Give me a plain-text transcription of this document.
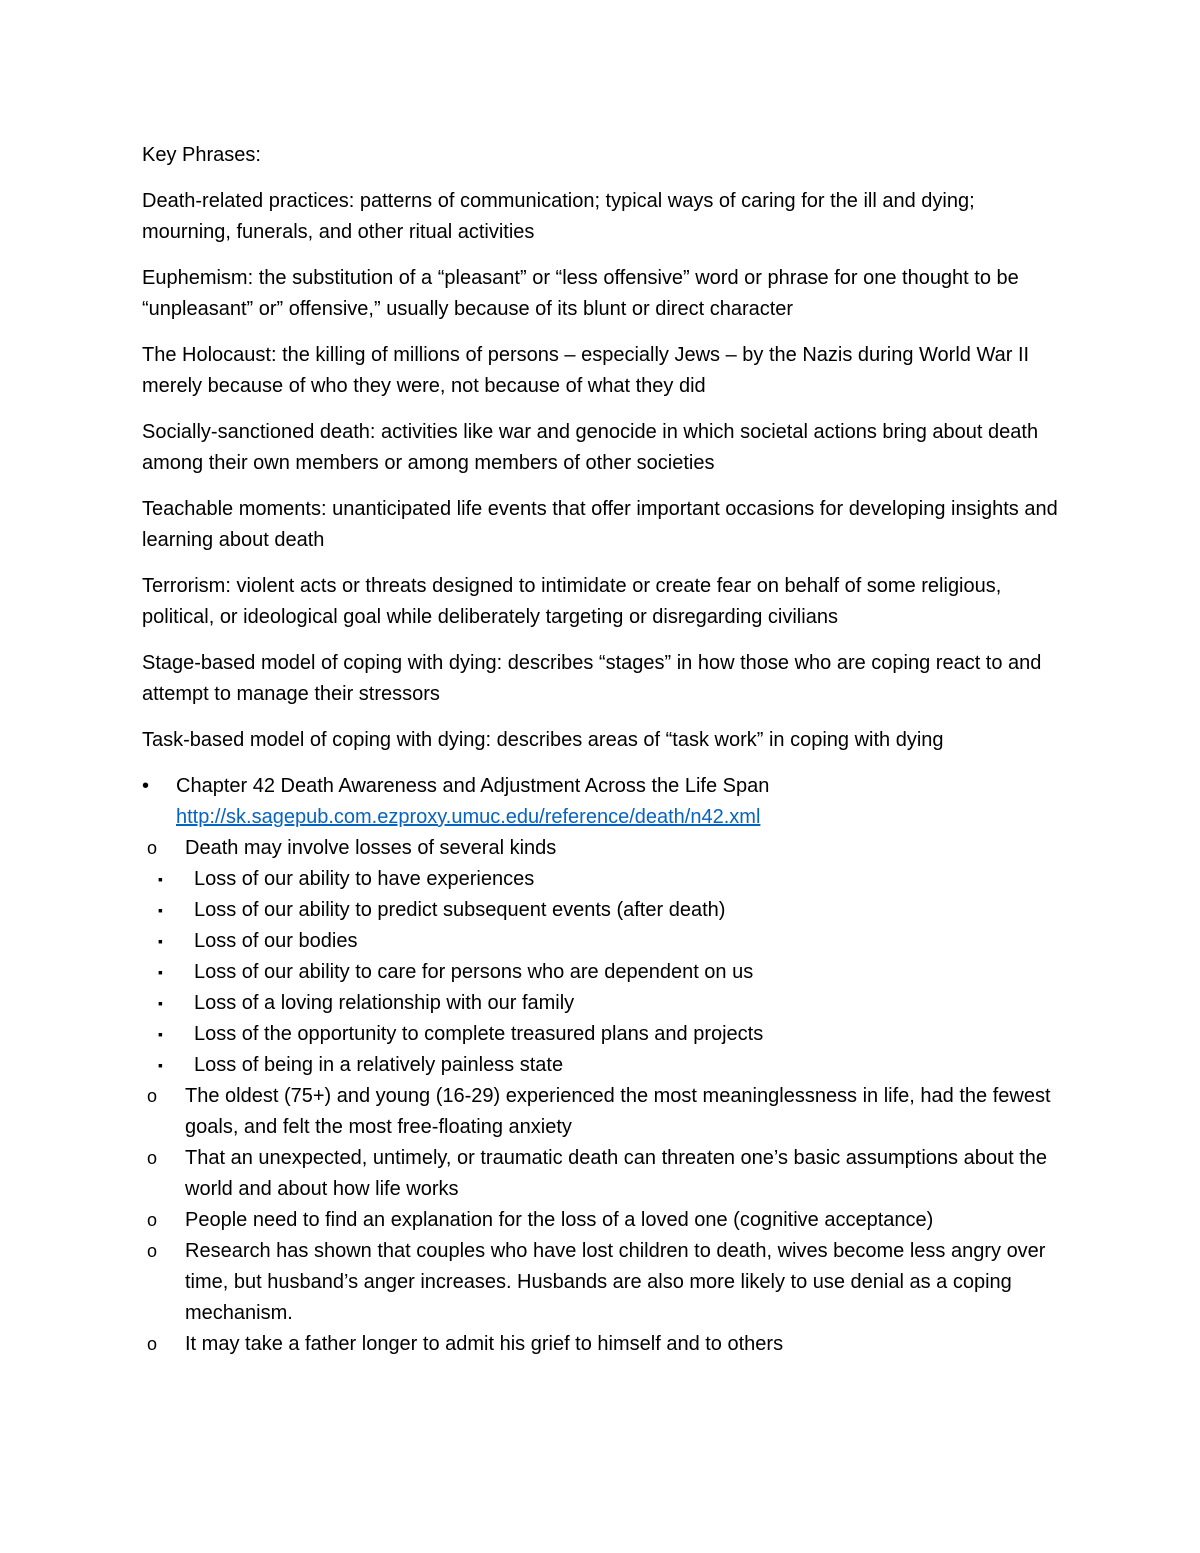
Key Phrases:

Death-related practices: patterns of communication; typical ways of caring for the ill and dying; mourning, funerals, and other ritual activities

Euphemism: the substitution of a “pleasant” or “less offensive” word or phrase for one thought to be “unpleasant” or” offensive,” usually because of its blunt or direct character

The Holocaust: the killing of millions of persons – especially Jews – by the Nazis during World War II merely because of who they were, not because of what they did

Socially-sanctioned death: activities like war and genocide in which societal actions bring about death among their own members or among members of other societies

Teachable moments: unanticipated life events that offer important occasions for developing insights and learning about death

Terrorism: violent acts or threats designed to intimidate or create fear on behalf of some religious, political, or ideological goal while deliberately targeting or disregarding civilians

Stage-based model of coping with dying: describes “stages” in how those who are coping react to and attempt to manage their stressors

Task-based model of coping with dying: describes areas of “task work” in coping with dying

•	Chapter 42 Death Awareness and Adjustment Across the Life Span
http://sk.sagepub.com.ezproxy.umuc.edu/reference/death/n42.xml
o Death may involve losses of several kinds
▪ Loss of our ability to have experiences
▪ Loss of our ability to predict subsequent events (after death)
▪ Loss of our bodies
▪ Loss of our ability to care for persons who are dependent on us
▪ Loss of a loving relationship with our family
▪ Loss of the opportunity to complete treasured plans and projects
▪ Loss of being in a relatively painless state
o The oldest (75+) and young (16-29) experienced the most meaninglessness in life, had the fewest goals, and felt the most free-floating anxiety
o That an unexpected, untimely, or traumatic death can threaten one’s basic assumptions about the world and about how life works
o People need to find an explanation for the loss of a loved one (cognitive acceptance)
o Research has shown that couples who have lost children to death, wives become less angry over time, but husband’s anger increases. Husbands are also more likely to use denial as a coping mechanism.
o It may take a father longer to admit his grief to himself and to others
